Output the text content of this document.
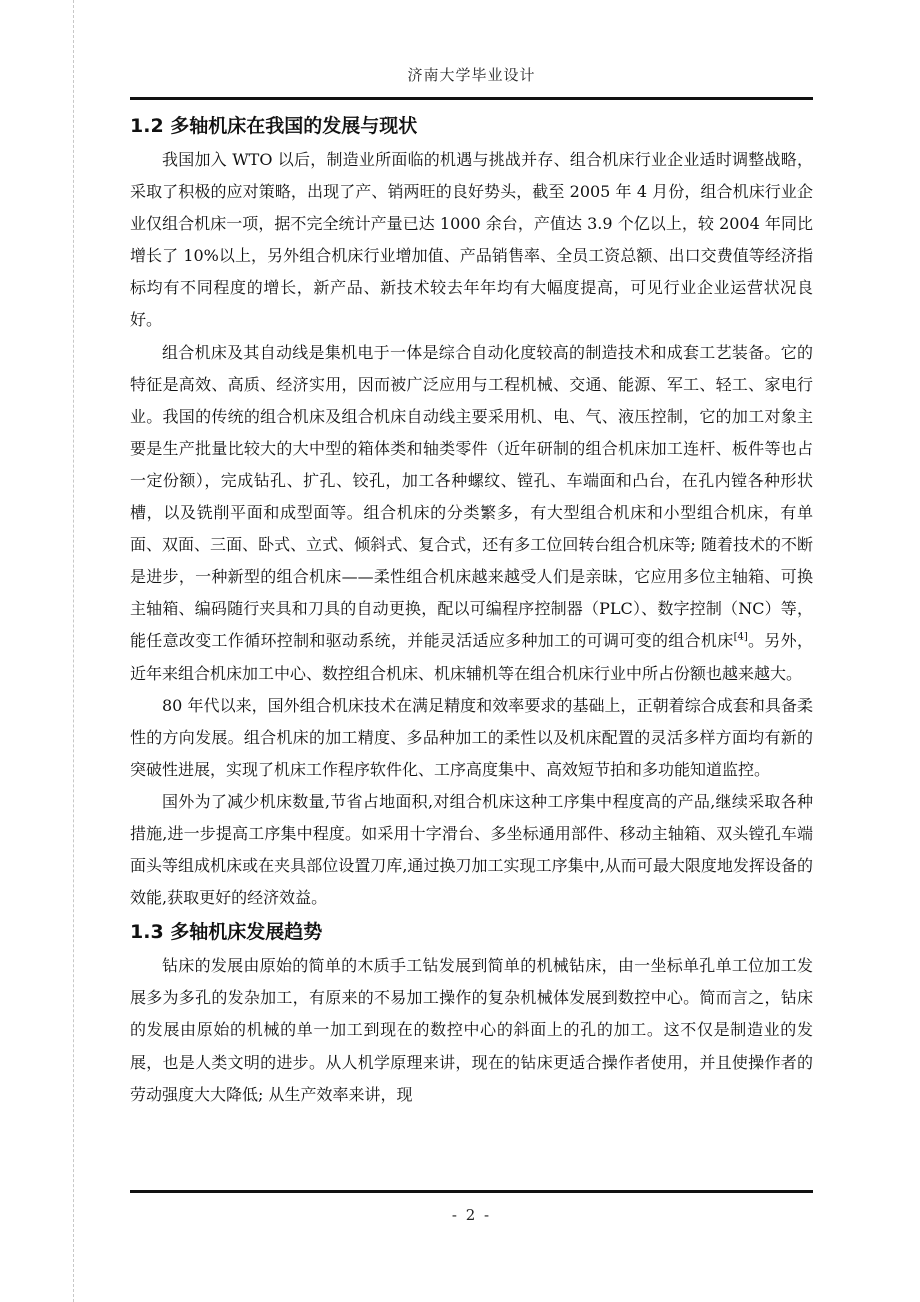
济南大学毕业设计
1.2 多轴机床在我国的发展与现状

我国加入 WTO 以后，制造业所面临的机遇与挑战并存、组合机床行业企业适时调整战略，采取了积极的应对策略，出现了产、销两旺的良好势头，截至 2005 年 4 月份，组合机床行业企业仅组合机床一项，据不完全统计产量已达 1000 余台，产值达 3.9 个亿以上，较 2004 年同比增长了 10%以上，另外组合机床行业增加值、产品销售率、全员工资总额、出口交费值等经济指标均有不同程度的增长，新产品、新技术较去年年均有大幅度提高，可见行业企业运营状况良好。

组合机床及其自动线是集机电于一体是综合自动化度较高的制造技术和成套工艺装备。它的特征是高效、高质、经济实用，因而被广泛应用与工程机械、交通、能源、军工、轻工、家电行业。我国的传统的组合机床及组合机床自动线主要采用机、电、气、液压控制，它的加工对象主要是生产批量比较大的大中型的箱体类和轴类零件（近年研制的组合机床加工连杆、板件等也占一定份额），完成钻孔、扩孔、铰孔，加工各种螺纹、镗孔、车端面和凸台，在孔内镗各种形状槽，以及铣削平面和成型面等。组合机床的分类繁多，有大型组合机床和小型组合机床，有单面、双面、三面、卧式、立式、倾斜式、复合式，还有多工位回转台组合机床等; 随着技术的不断是进步，一种新型的组合机床——柔性组合机床越来越受人们是亲昧，它应用多位主轴箱、可换主轴箱、编码随行夹具和刀具的自动更换，配以可编程序控制器（PLC）、数字控制（NC）等，能任意改变工作循环控制和驱动系统，并能灵活适应多种加工的可调可变的组合机床[4]。另外，近年来组合机床加工中心、数控组合机床、机床辅机等在组合机床行业中所占份额也越来越大。

80 年代以来，国外组合机床技术在满足精度和效率要求的基础上，正朝着综合成套和具备柔性的方向发展。组合机床的加工精度、多品种加工的柔性以及机床配置的灵活多样方面均有新的突破性进展，实现了机床工作程序软件化、工序高度集中、高效短节拍和多功能知道监控。

国外为了减少机床数量,节省占地面积,对组合机床这种工序集中程度高的产品,继续采取各种措施,进一步提高工序集中程度。如采用十字滑台、多坐标通用部件、移动主轴箱、双头镗孔车端面头等组成机床或在夹具部位设置刀库,通过换刀加工实现工序集中,从而可最大限度地发挥设备的效能,获取更好的经济效益。

1.3 多轴机床发展趋势

钻床的发展由原始的简单的木质手工钻发展到简单的机械钻床，由一坐标单孔单工位加工发展多为多孔的发杂加工，有原来的不易加工操作的复杂机械体发展到数控中心。简而言之，钻床的发展由原始的机械的单一加工到现在的数控中心的斜面上的孔的加工。这不仅是制造业的发展，也是人类文明的进步。从人机学原理来讲，现在的钻床更适合操作者使用，并且使操作者的劳动强度大大降低; 从生产效率来讲，现

- 2 -
